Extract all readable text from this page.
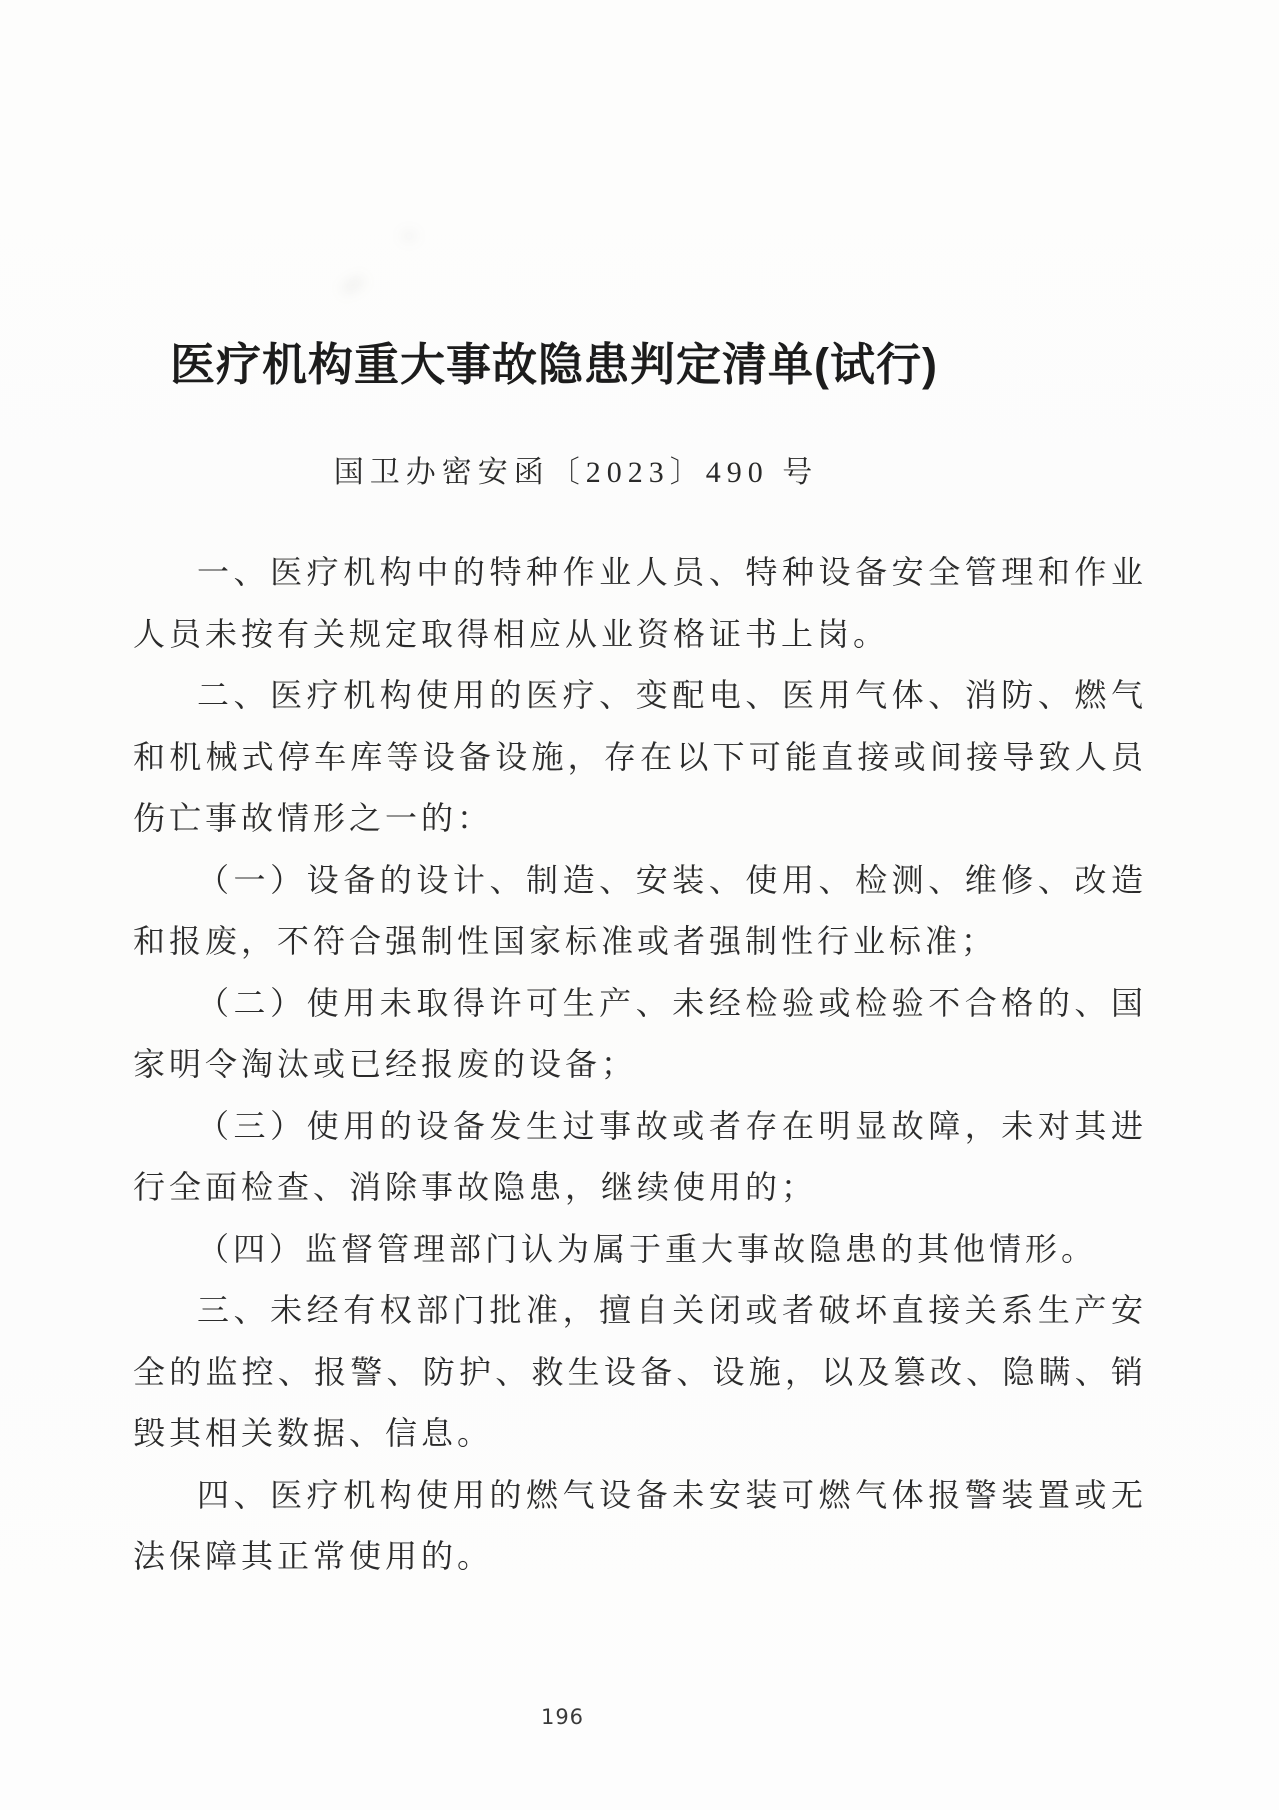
医疗机构重大事故隐患判定清单(试行)
国卫办密安函〔2023〕490 号

一、医疗机构中的特种作业人员、特种设备安全管理和作业人员未按有关规定取得相应从业资格证书上岗。

二、医疗机构使用的医疗、变配电、医用气体、消防、燃气和机械式停车库等设备设施，存在以下可能直接或间接导致人员伤亡事故情形之一的：

（一）设备的设计、制造、安装、使用、检测、维修、改造和报废，不符合强制性国家标准或者强制性行业标准；

（二）使用未取得许可生产、未经检验或检验不合格的、国家明令淘汰或已经报废的设备；

（三）使用的设备发生过事故或者存在明显故障，未对其进行全面检查、消除事故隐患，继续使用的；

（四）监督管理部门认为属于重大事故隐患的其他情形。

三、未经有权部门批准，擅自关闭或者破坏直接关系生产安全的监控、报警、防护、救生设备、设施，以及篡改、隐瞒、销毁其相关数据、信息。

四、医疗机构使用的燃气设备未安装可燃气体报警装置或无法保障其正常使用的。

196
